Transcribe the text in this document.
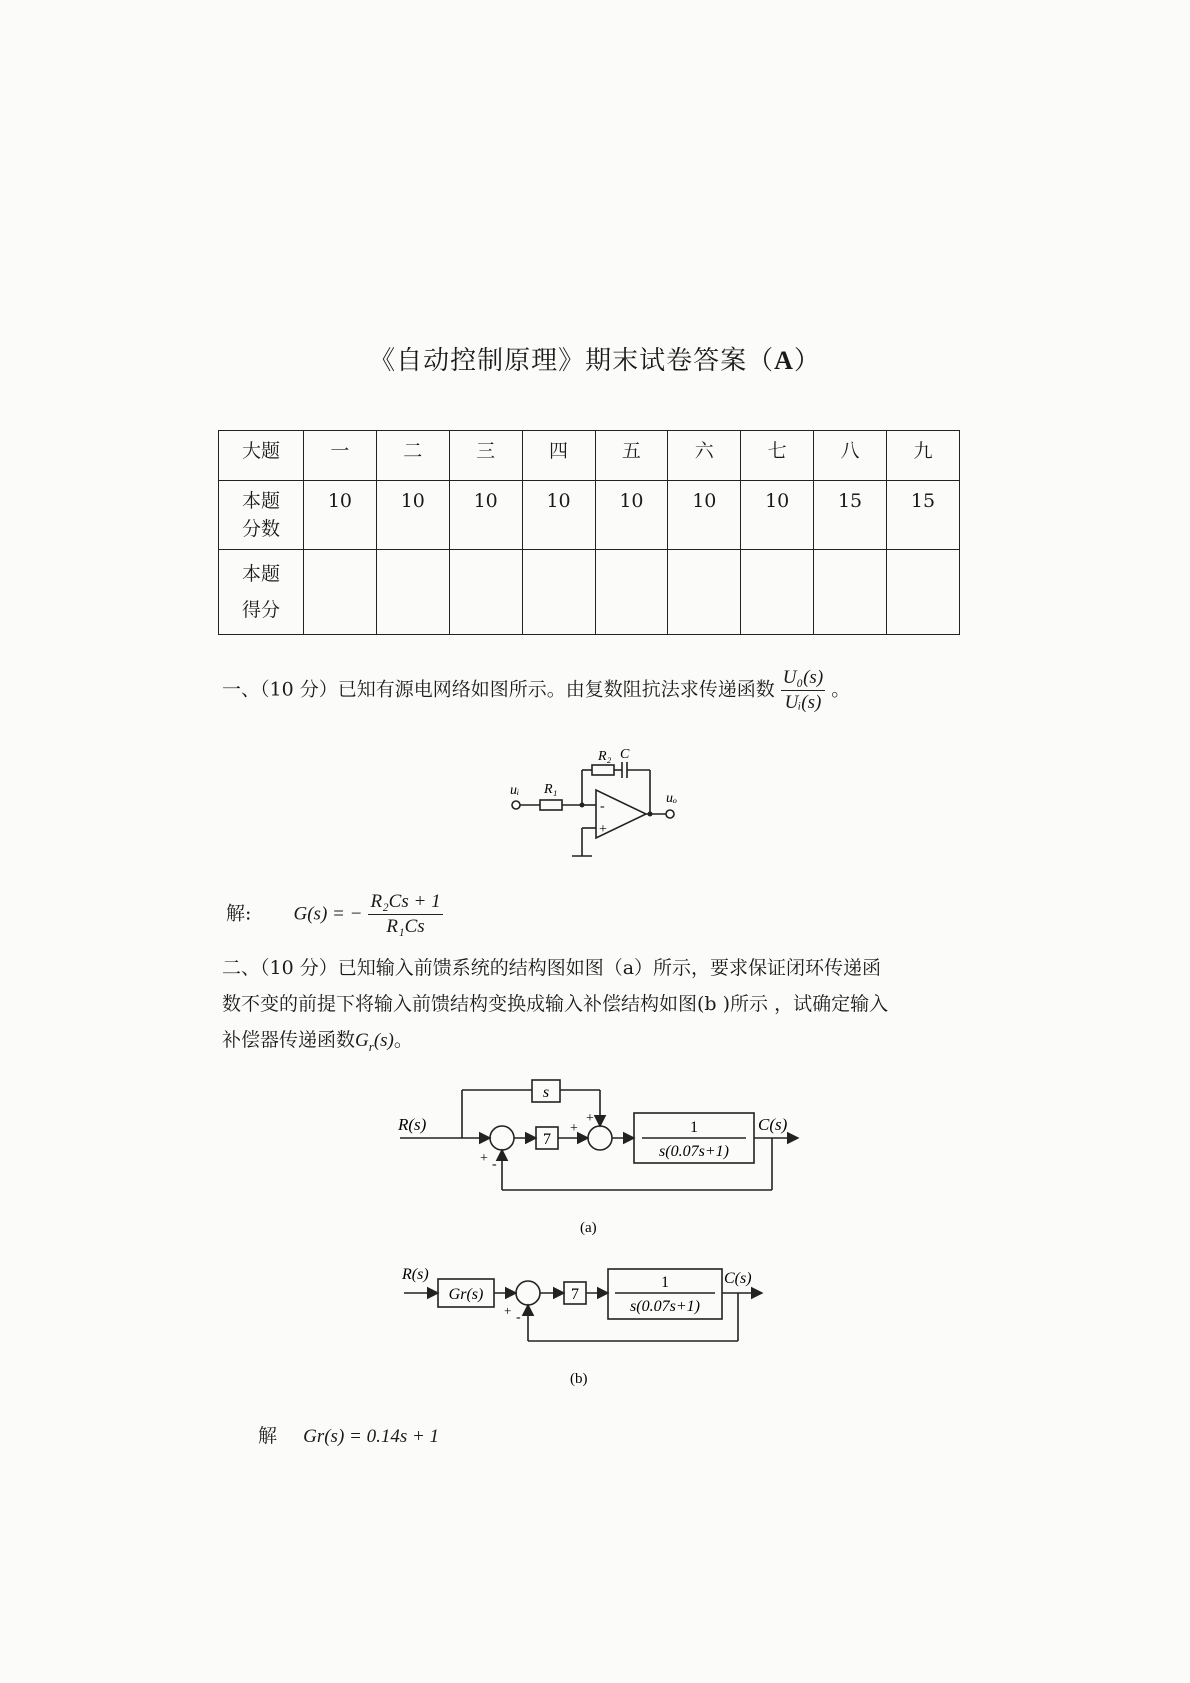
《自动控制原理》期末试卷答案（A）
大题	一	二	三	四	五	六	七	八	九
本题
分数	10	10	10	10	10	10	10	15	15
本题
得分									
一、（10 分）已知有源电网络如图所示。由复数阻抗法求传递函数 $\frac{\text{U₀(s)}}{\text{Uᵢ(s)}}$ 。
R₂ C
uᵢ R₁
uₒ
-
+
解: G(s) = − $\frac{\text{R₂Cs + 1}}{\text{R₁Cs}}$
二、（10 分）已知输入前馈系统的结构图如图（a）所示，要求保证闭环传递函
数不变的前提下将输入前馈结构变换成输入补偿结构如图(b )所示 ，试确定输入
补偿器传递函数$G_r(s)$。
R(s)	C(s)
s
7
1
s(0.07s+1)
+ -
+
+
(a)
R(s)	C(s)
Gr(s)	7
1
s(0.07s+1)
+ -
(b)
解 Gr(s) = 0.14s + 1
